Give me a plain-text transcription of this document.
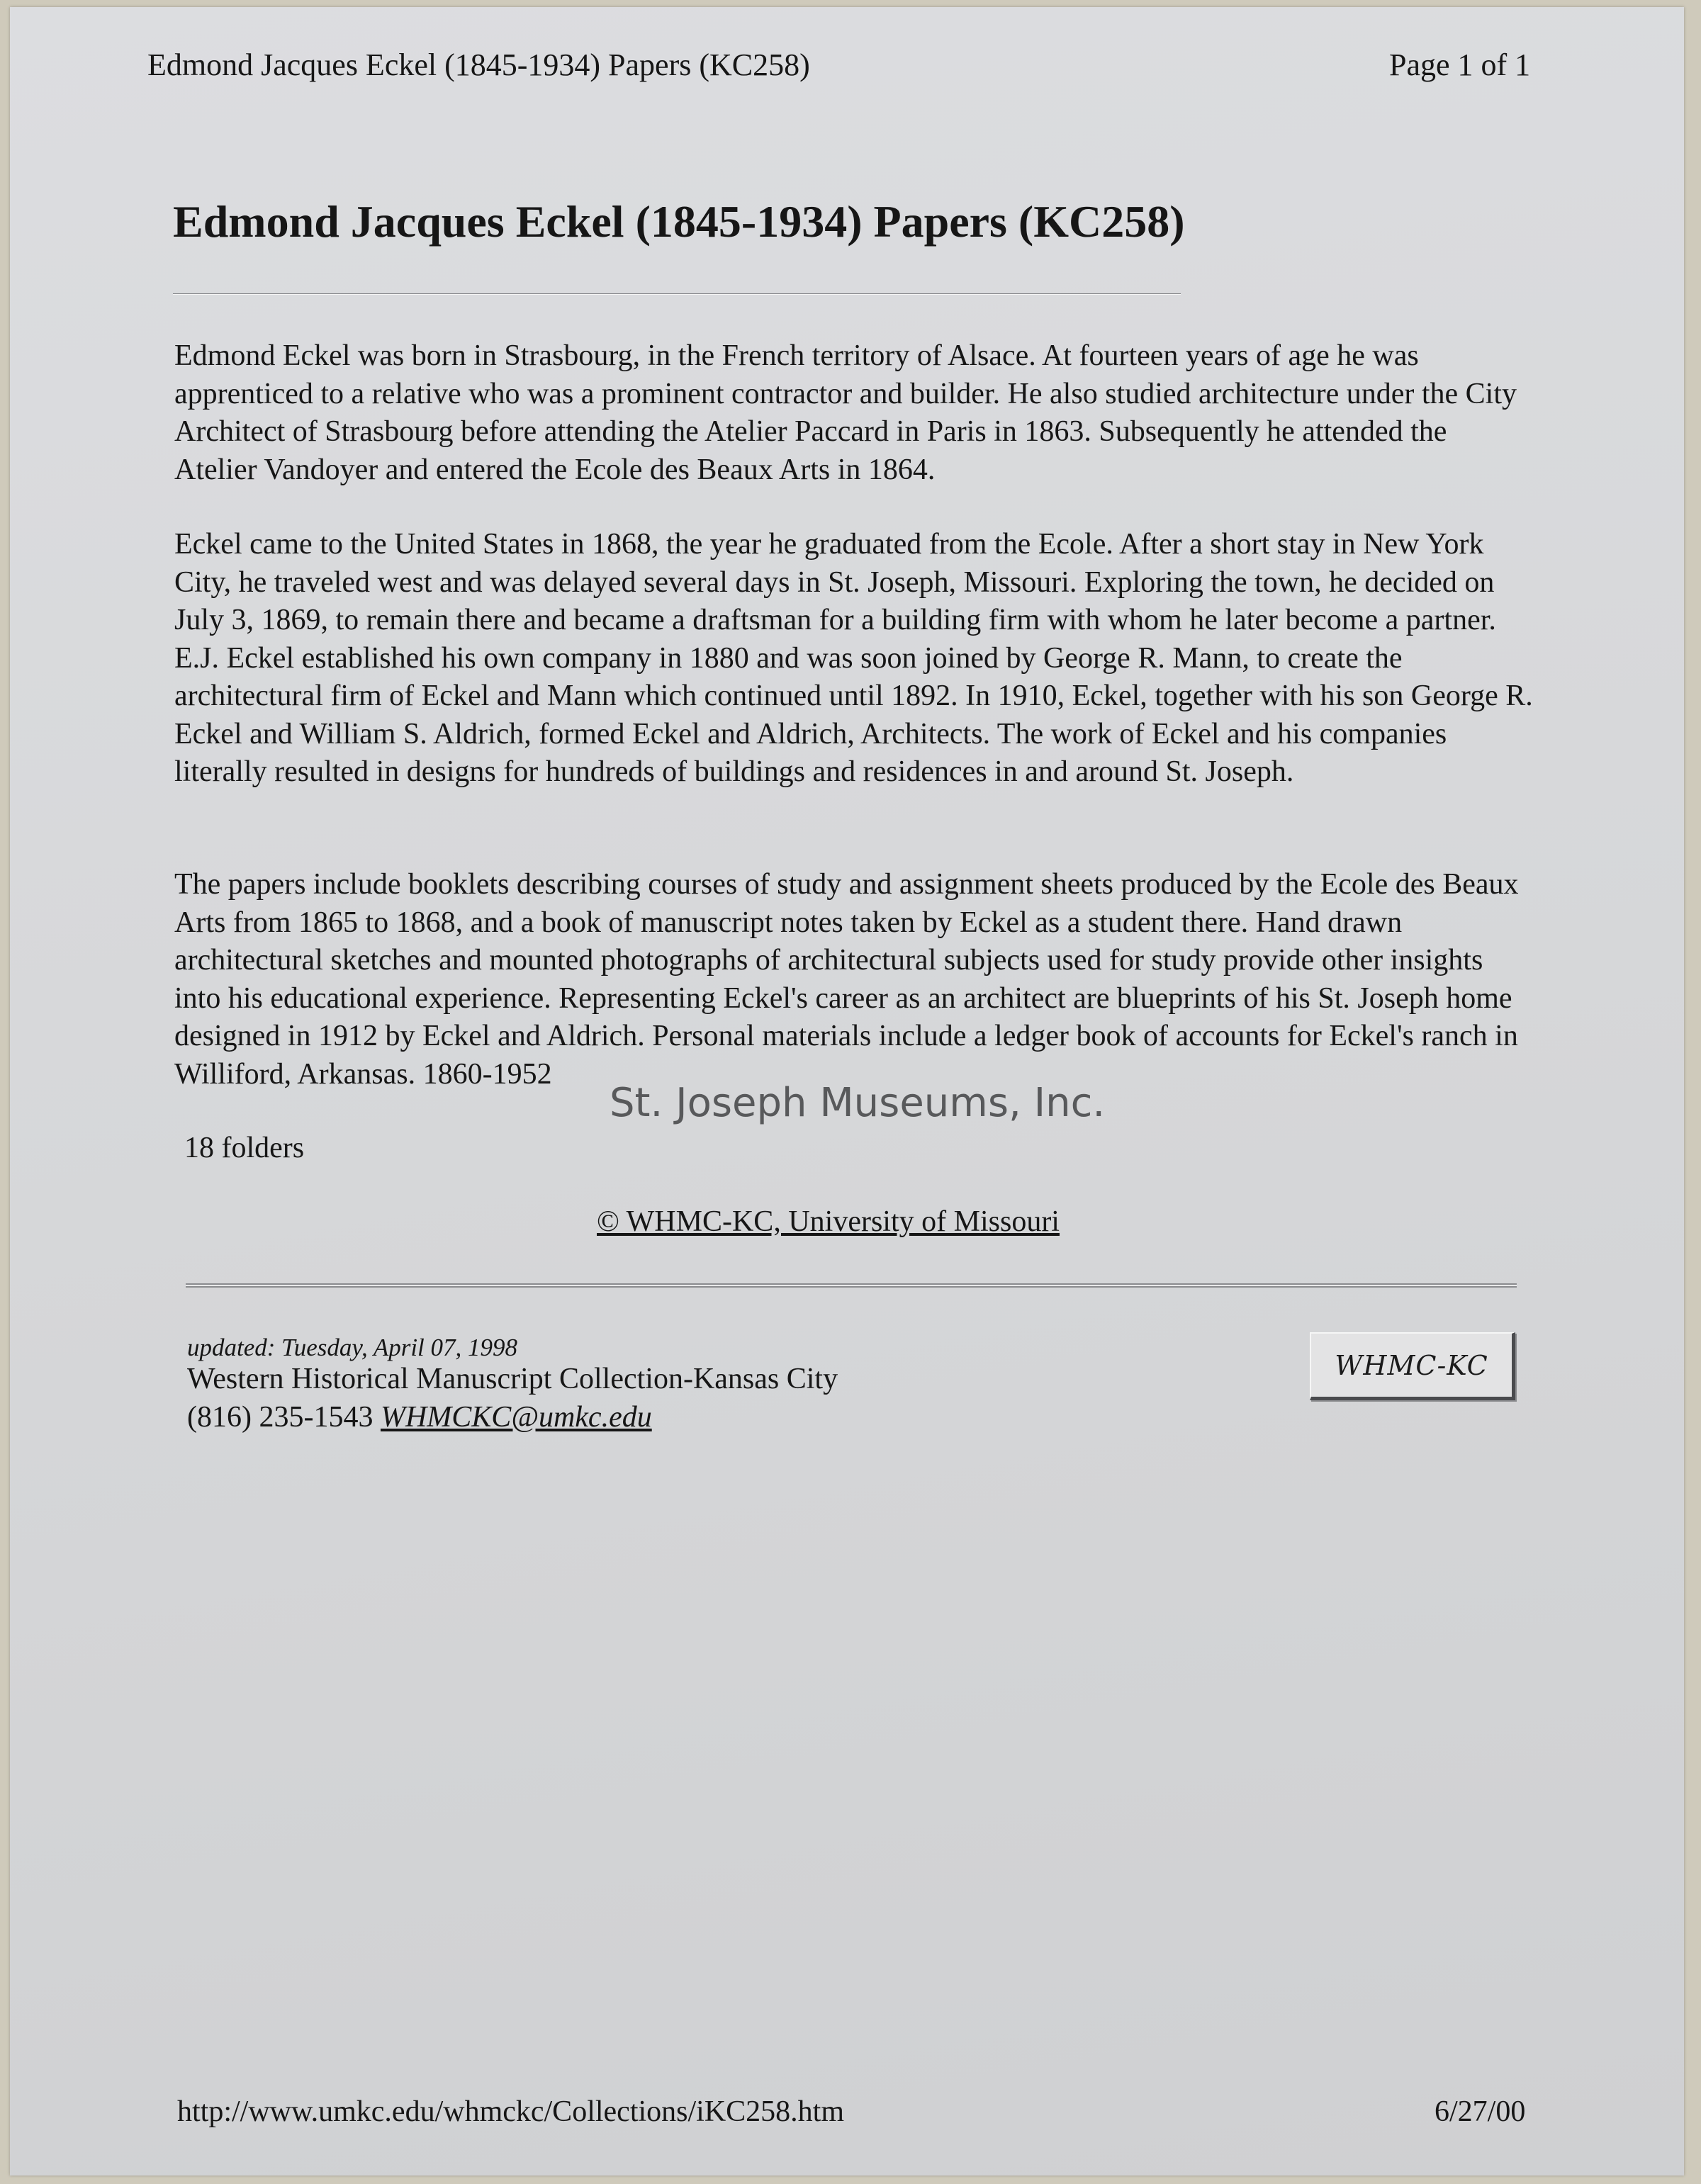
Edmond Jacques Eckel (1845-1934) Papers (KC258)	Page 1 of 1
Edmond Jacques Eckel (1845-1934) Papers (KC258)
Edmond Eckel was born in Strasbourg, in the French territory of Alsace. At fourteen years of age he was apprenticed to a relative who was a prominent contractor and builder. He also studied architecture under the City Architect of Strasbourg before attending the Atelier Paccard in Paris in 1863. Subsequently he attended the Atelier Vandoyer and entered the Ecole des Beaux Arts in 1864.
Eckel came to the United States in 1868, the year he graduated from the Ecole. After a short stay in New York City, he traveled west and was delayed several days in St. Joseph, Missouri. Exploring the town, he decided on July 3, 1869, to remain there and became a draftsman for a building firm with whom he later become a partner. E.J. Eckel established his own company in 1880 and was soon joined by George R. Mann, to create the architectural firm of Eckel and Mann which continued until 1892. In 1910, Eckel, together with his son George R. Eckel and William S. Aldrich, formed Eckel and Aldrich, Architects. The work of Eckel and his companies literally resulted in designs for hundreds of buildings and residences in and around St. Joseph.
The papers include booklets describing courses of study and assignment sheets produced by the Ecole des Beaux Arts from 1865 to 1868, and a book of manuscript notes taken by Eckel as a student there. Hand drawn architectural sketches and mounted photographs of architectural subjects used for study provide other insights into his educational experience. Representing Eckel's career as an architect are blueprints of his St. Joseph home designed in 1912 by Eckel and Aldrich. Personal materials include a ledger book of accounts for Eckel's ranch in Williford, Arkansas. 1860-1952
St. Joseph Museums, Inc.
18 folders
© WHMC-KC, University of Missouri
updated: Tuesday, April 07, 1998
Western Historical Manuscript Collection-Kansas City
(816) 235-1543 WHMCKC@umkc.edu
WHMC-KC
http://www.umkc.edu/whmckc/Collections/iKC258.htm	6/27/00
